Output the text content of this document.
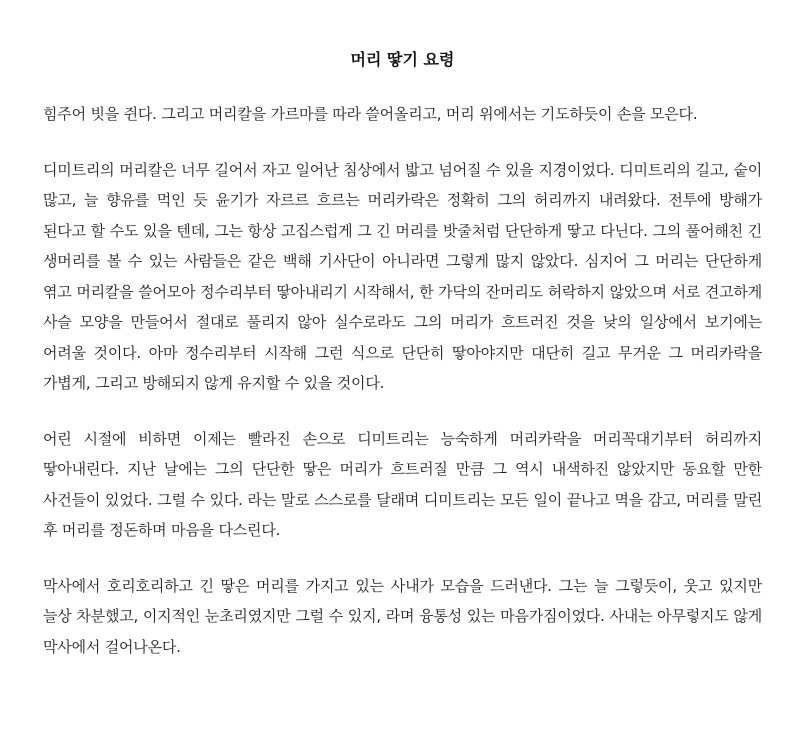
머리 땋기 요령

힘주어 빗을 쥔다. 그리고 머리칼을 가르마를 따라 쓸어올리고, 머리 위에서는 기도하듯이 손을 모은다.

디미트리의 머리칼은 너무 길어서 자고 일어난 침상에서 밟고 넘어질 수 있을 지경이었다. 디미트리의 길고, 숱이 많고, 늘 향유를 먹인 듯 윤기가 자르르 흐르는 머리카락은 정확히 그의 허리까지 내려왔다. 전투에 방해가 된다고 할 수도 있을 텐데, 그는 항상 고집스럽게 그 긴 머리를 밧줄처럼 단단하게 땋고 다닌다. 그의 풀어해친 긴 생머리를 볼 수 있는 사람들은 같은 백해 기사단이 아니라면 그렇게 많지 않았다. 심지어 그 머리는 단단하게 엮고 머리칼을 쓸어모아 정수리부터 땋아내리기 시작해서, 한 가닥의 잔머리도 허락하지 않았으며 서로 견고하게 사슬 모양을 만들어서 절대로 풀리지 않아 실수로라도 그의 머리가 흐트러진 것을 낮의 일상에서 보기에는 어려울 것이다. 아마 정수리부터 시작해 그런 식으로 단단히 땋아야지만 대단히 길고 무거운 그 머리카락을 가볍게, 그리고 방해되지 않게 유지할 수 있을 것이다.

어린 시절에 비하면 이제는 빨라진 손으로 디미트리는 능숙하게 머리카락을 머리꼭대기부터 허리까지 땋아내린다. 지난 날에는 그의 단단한 땋은 머리가 흐트러질 만큼 그 역시 내색하진 않았지만 동요할 만한 사건들이 있었다. 그럴 수 있다. 라는 말로 스스로를 달래며 디미트리는 모든 일이 끝나고 멱을 감고, 머리를 말린 후 머리를 정돈하며 마음을 다스린다.

막사에서 호리호리하고 긴 땋은 머리를 가지고 있는 사내가 모습을 드러낸다. 그는 늘 그렇듯이, 웃고 있지만 늘상 차분했고, 이지적인 눈초리였지만 그럴 수 있지, 라며 융통성 있는 마음가짐이었다. 사내는 아무렇지도 않게 막사에서 걸어나온다.
